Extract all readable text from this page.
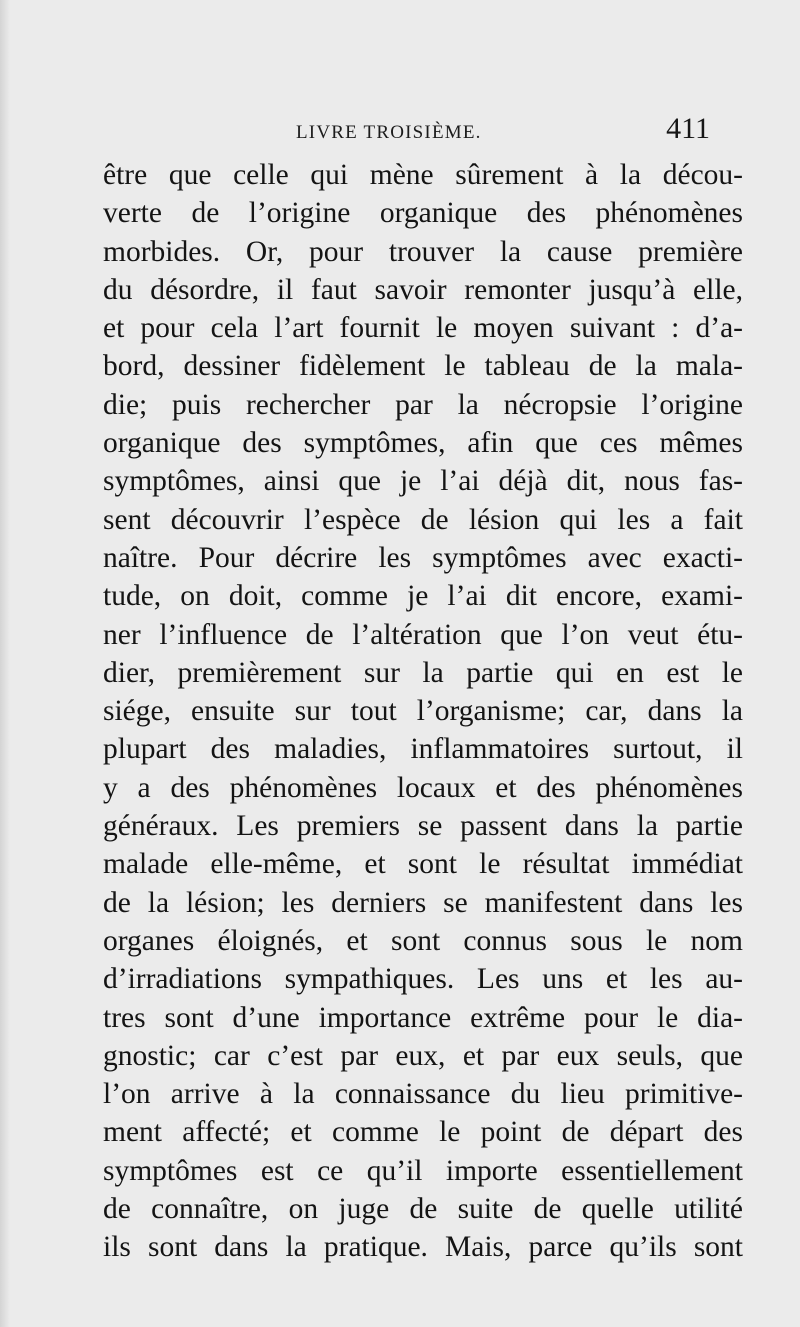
LIVRE TROISIÈME.	411
être que celle qui mène sûrement à la décou-
verte de l’origine organique des phénomènes
morbides. Or, pour trouver la cause première
du désordre, il faut savoir remonter jusqu’à elle,
et pour cela l’art fournit le moyen suivant : d’a-
bord, dessiner fidèlement le tableau de la mala-
die; puis rechercher par la nécropsie l’origine
organique des symptômes, afin que ces mêmes
symptômes, ainsi que je l’ai déjà dit, nous fas-
sent découvrir l’espèce de lésion qui les a fait
naître. Pour décrire les symptômes avec exacti-
tude, on doit, comme je l’ai dit encore, exami-
ner l’influence de l’altération que l’on veut étu-
dier, premièrement sur la partie qui en est le
siége, ensuite sur tout l’organisme; car, dans la
plupart des maladies, inflammatoires surtout, il
y a des phénomènes locaux et des phénomènes
généraux. Les premiers se passent dans la partie
malade elle-même, et sont le résultat immédiat
de la lésion; les derniers se manifestent dans les
organes éloignés, et sont connus sous le nom
d’irradiations sympathiques. Les uns et les au-
tres sont d’une importance extrême pour le dia-
gnostic; car c’est par eux, et par eux seuls, que
l’on arrive à la connaissance du lieu primitive-
ment affecté; et comme le point de départ des
symptômes est ce qu’il importe essentiellement
de connaître, on juge de suite de quelle utilité
ils sont dans la pratique. Mais, parce qu’ils sont
